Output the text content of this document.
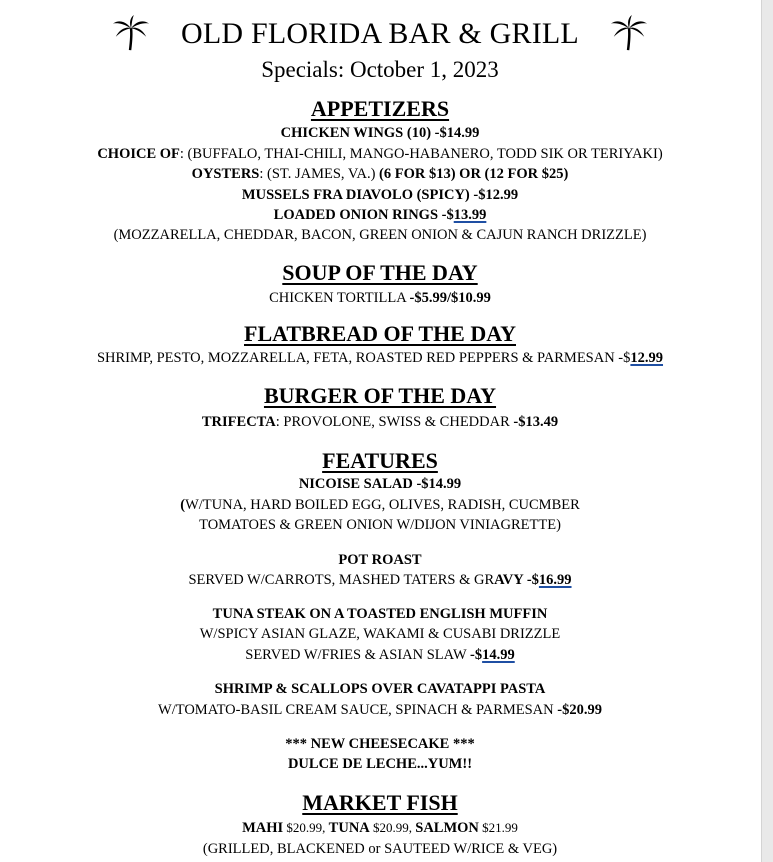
OLD FLORIDA BAR & GRILL
Specials: October 1, 2023
APPETIZERS
CHICKEN WINGS (10) -$14.99
CHOICE OF: (BUFFALO, THAI-CHILI, MANGO-HABANERO, TODD SIK OR TERIYAKI)
OYSTERS: (ST. JAMES, VA.) (6 FOR $13) OR (12 FOR $25)
MUSSELS FRA DIAVOLO (SPICY) -$12.99
LOADED ONION RINGS -$13.99
(MOZZARELLA, CHEDDAR, BACON, GREEN ONION & CAJUN RANCH DRIZZLE)
SOUP OF THE DAY
CHICKEN TORTILLA -$5.99/$10.99
FLATBREAD OF THE DAY
SHRIMP, PESTO, MOZZARELLA, FETA, ROASTED RED PEPPERS & PARMESAN -$12.99
BURGER OF THE DAY
TRIFECTA: PROVOLONE, SWISS & CHEDDAR -$13.49
FEATURES
NICOISE SALAD -$14.99
(W/TUNA, HARD BOILED EGG, OLIVES, RADISH, CUCMBER
TOMATOES & GREEN ONION W/DIJON VINIAGRETTE)
POT ROAST
SERVED W/CARROTS, MASHED TATERS & GRAVY -$16.99
TUNA STEAK ON A TOASTED ENGLISH MUFFIN
W/SPICY ASIAN GLAZE, WAKAMI & CUSABI DRIZZLE
SERVED W/FRIES & ASIAN SLAW -$14.99
SHRIMP & SCALLOPS OVER CAVATAPPI PASTA
W/TOMATO-BASIL CREAM SAUCE, SPINACH & PARMESAN -$20.99
*** NEW CHEESECAKE ***
DULCE DE LECHE...YUM!!
MARKET FISH
MAHI $20.99, TUNA $20.99, SALMON $21.99
(GRILLED, BLACKENED or SAUTEED W/RICE & VEG)
